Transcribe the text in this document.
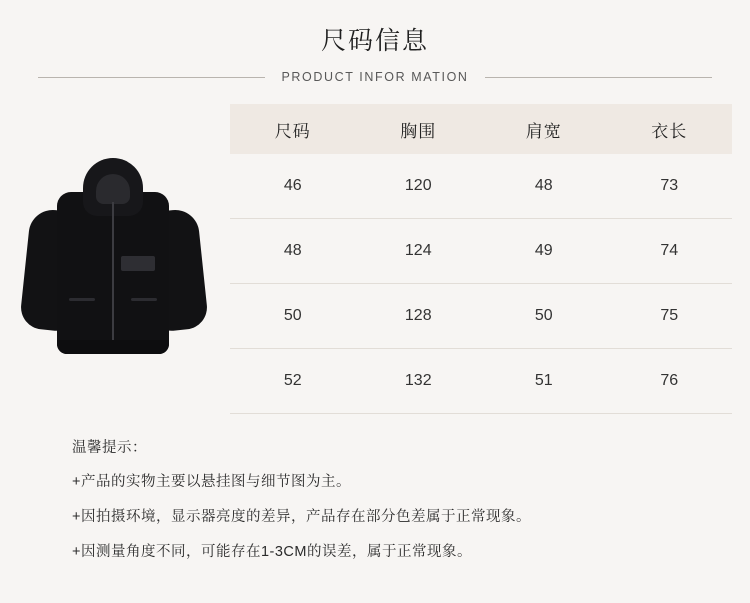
尺码信息
PRODUCT INFOR MATION
尺码	胸围	肩宽	衣长
46	120	48	73
48	124	49	74
50	128	50	75
52	132	51	76
温馨提示：
+产品的实物主要以悬挂图与细节图为主。
+因拍摄环境，显示器亮度的差异，产品存在部分色差属于正常现象。
+因测量角度不同，可能存在1-3CM的误差，属于正常现象。
